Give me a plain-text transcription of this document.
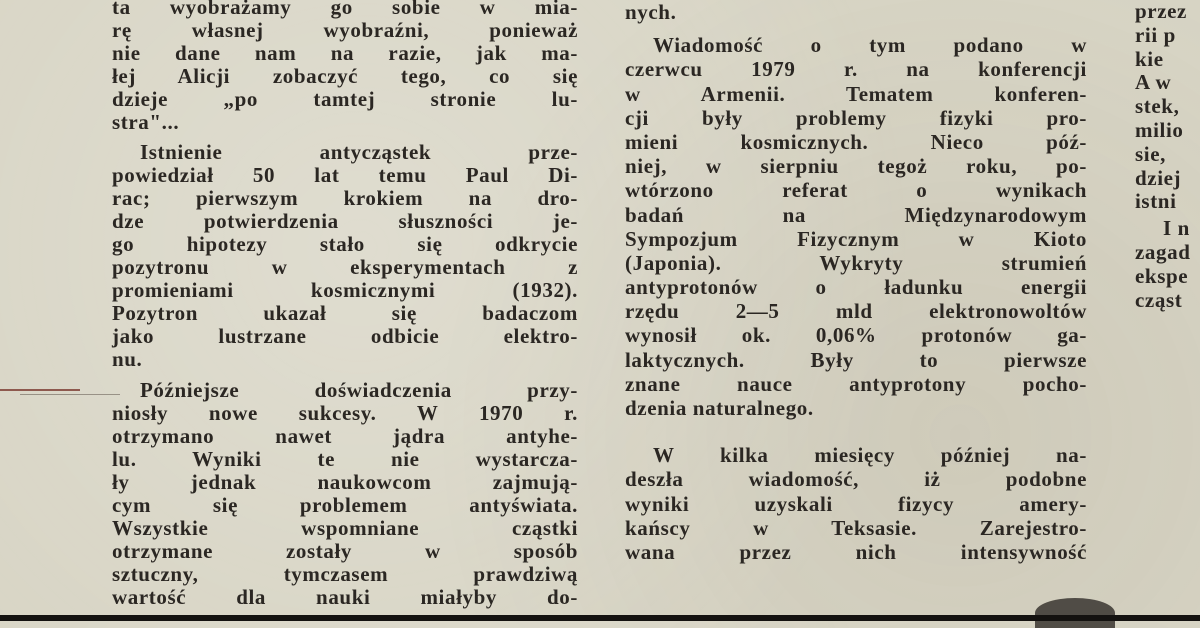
ta wyobrażamy go sobie w mia-
rę własnej wyobraźni, ponieważ
nie dane nam na razie, jak ma-
łej Alicji zobaczyć tego, co się
dzieje „po tamtej stronie lu-
stra"...
Istnienie antycząstek prze-
powiedział 50 lat temu Paul Di-
rac; pierwszym krokiem na dro-
dze potwierdzenia słuszności je-
go hipotezy stało się odkrycie
pozytronu w eksperymentach z
promieniami kosmicznymi (1932).
Pozytron ukazał się badaczom
jako lustrzane odbicie elektro-
nu.
Późniejsze doświadczenia przy-
niosły nowe sukcesy. W 1970 r.
otrzymano nawet jądra antyhe-
lu. Wyniki te nie wystarcza-
ły jednak naukowcom zajmują-
cym się problemem antyświata.
Wszystkie wspomniane cząstki
otrzymane zostały w sposób
sztuczny, tymczasem prawdziwą
wartość dla nauki miałyby do-
nych.
Wiadomość o tym podano w
czerwcu 1979 r. na konferencji
w Armenii. Tematem konferen-
cji były problemy fizyki pro-
mieni kosmicznych. Nieco póź-
niej, w sierpniu tegoż roku, po-
wtórzono referat o wynikach
badań na Międzynarodowym
Sympozjum Fizycznym w Kioto
(Japonia). Wykryty strumień
antyprotonów o ładunku energii
rzędu 2—5 mld elektronowoltów
wynosił ok. 0,06% protonów ga-
laktycznych. Były to pierwsze
znane nauce antyprotony pocho-
dzenia naturalnego.
W kilka miesięcy później na-
deszła wiadomość, iż podobne
wyniki uzyskali fizycy amery-
kańscy w Teksasie. Zarejestro-
wana przez nich intensywność
przez
rii p
kie
A w
stek,
milio
sie,
dziej
istni
I n
zagad
ekspe
cząst
